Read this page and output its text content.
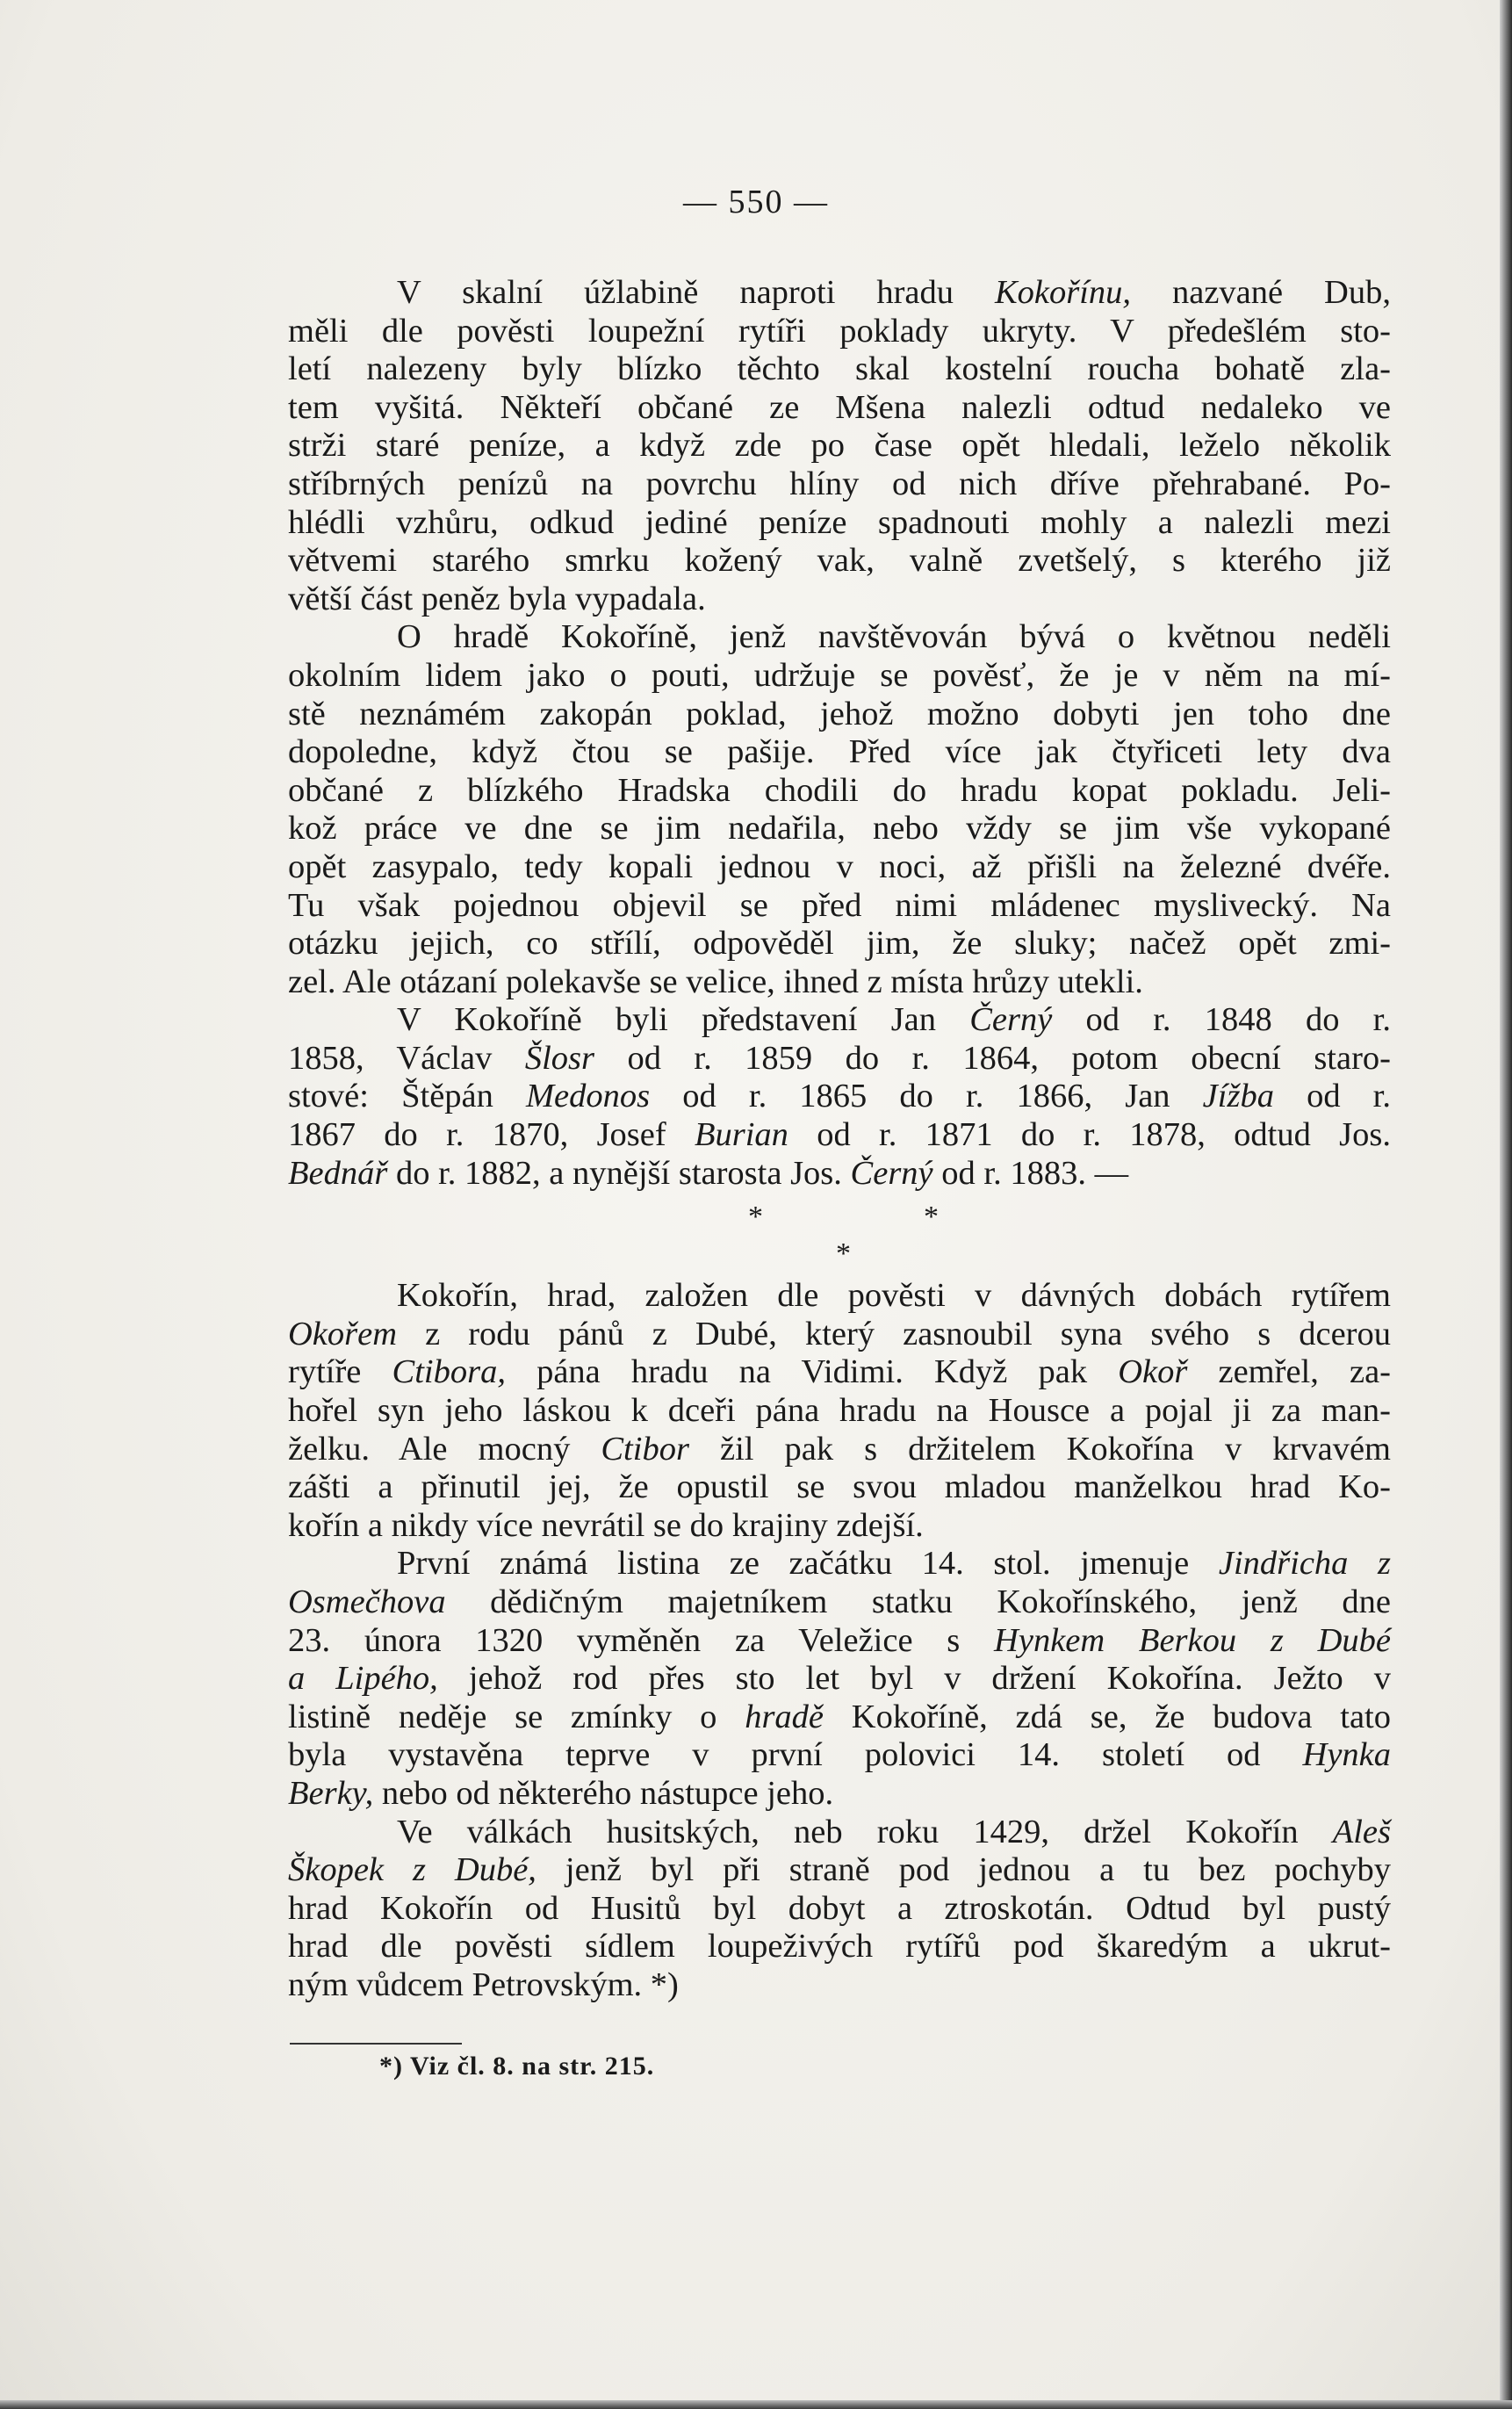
— 550 —
V skalní úžlabině naproti hradu Kokořínu, nazvané Dub,
měli dle pověsti loupežní rytíři poklady ukryty. V předešlém sto-
letí nalezeny byly blízko těchto skal kostelní roucha bohatě zla-
tem vyšitá. Někteří občané ze Mšena nalezli odtud nedaleko ve
strži staré peníze, a když zde po čase opět hledali, leželo několik
stříbrných penízů na povrchu hlíny od nich dříve přehrabané. Po-
hlédli vzhůru, odkud jediné peníze spadnouti mohly a nalezli mezi
větvemi starého smrku kožený vak, valně zvetšelý, s kterého již
větší část peněz byla vypadala.
O hradě Kokoříně, jenž navštěvován bývá o květnou neděli
okolním lidem jako o pouti, udržuje se pověsť, že je v něm na mí-
stě neznámém zakopán poklad, jehož možno dobyti jen toho dne
dopoledne, když čtou se pašije. Před více jak čtyřiceti lety dva
občané z blízkého Hradska chodili do hradu kopat pokladu. Jeli-
kož práce ve dne se jim nedařila, nebo vždy se jim vše vykopané
opět zasypalo, tedy kopali jednou v noci, až přišli na železné dvéře.
Tu však pojednou objevil se před nimi mládenec myslivecký. Na
otázku jejich, co střílí, odpověděl jim, že sluky; načež opět zmi-
zel. Ale otázaní polekavše se velice, ihned z místa hrůzy utekli.
V Kokoříně byli představení Jan Černý od r. 1848 do r.
1858, Václav Šlosr od r. 1859 do r. 1864, potom obecní staro-
stové: Štěpán Medonos od r. 1865 do r. 1866, Jan Jížba od r.
1867 do r. 1870, Josef Burian od r. 1871 do r. 1878, odtud Jos.
Bednář do r. 1882, a nynější starosta Jos. Černý od r. 1883. —
*	*
*
Kokořín, hrad, založen dle pověsti v dávných dobách rytířem
Okořem z rodu pánů z Dubé, který zasnoubil syna svého s dcerou
rytíře Ctibora, pána hradu na Vidimi. Když pak Okoř zemřel, za-
hořel syn jeho láskou k dceři pána hradu na Housce a pojal ji za man-
želku. Ale mocný Ctibor žil pak s držitelem Kokořína v krvavém
zášti a přinutil jej, že opustil se svou mladou manželkou hrad Ko-
kořín a nikdy více nevrátil se do krajiny zdejší.
První známá listina ze začátku 14. stol. jmenuje Jindřicha z
Osmečhova dědičným majetníkem statku Kokořínského, jenž dne
23. února 1320 vyměněn za Veležice s Hynkem Berkou z Dubé
a Lipého, jehož rod přes sto let byl v držení Kokořína. Ježto v
listině neděje se zmínky o hradě Kokoříně, zdá se, že budova tato
byla vystavěna teprve v první polovici 14. století od Hynka
Berky, nebo od některého nástupce jeho.
Ve válkách husitských, neb roku 1429, držel Kokořín Aleš
Škopek z Dubé, jenž byl při straně pod jednou a tu bez pochyby
hrad Kokořín od Husitů byl dobyt a ztroskotán. Odtud byl pustý
hrad dle pověsti sídlem loupeživých rytířů pod škaredým a ukrut-
ným vůdcem Petrovským. *)
*) Viz čl. 8. na str. 215.
